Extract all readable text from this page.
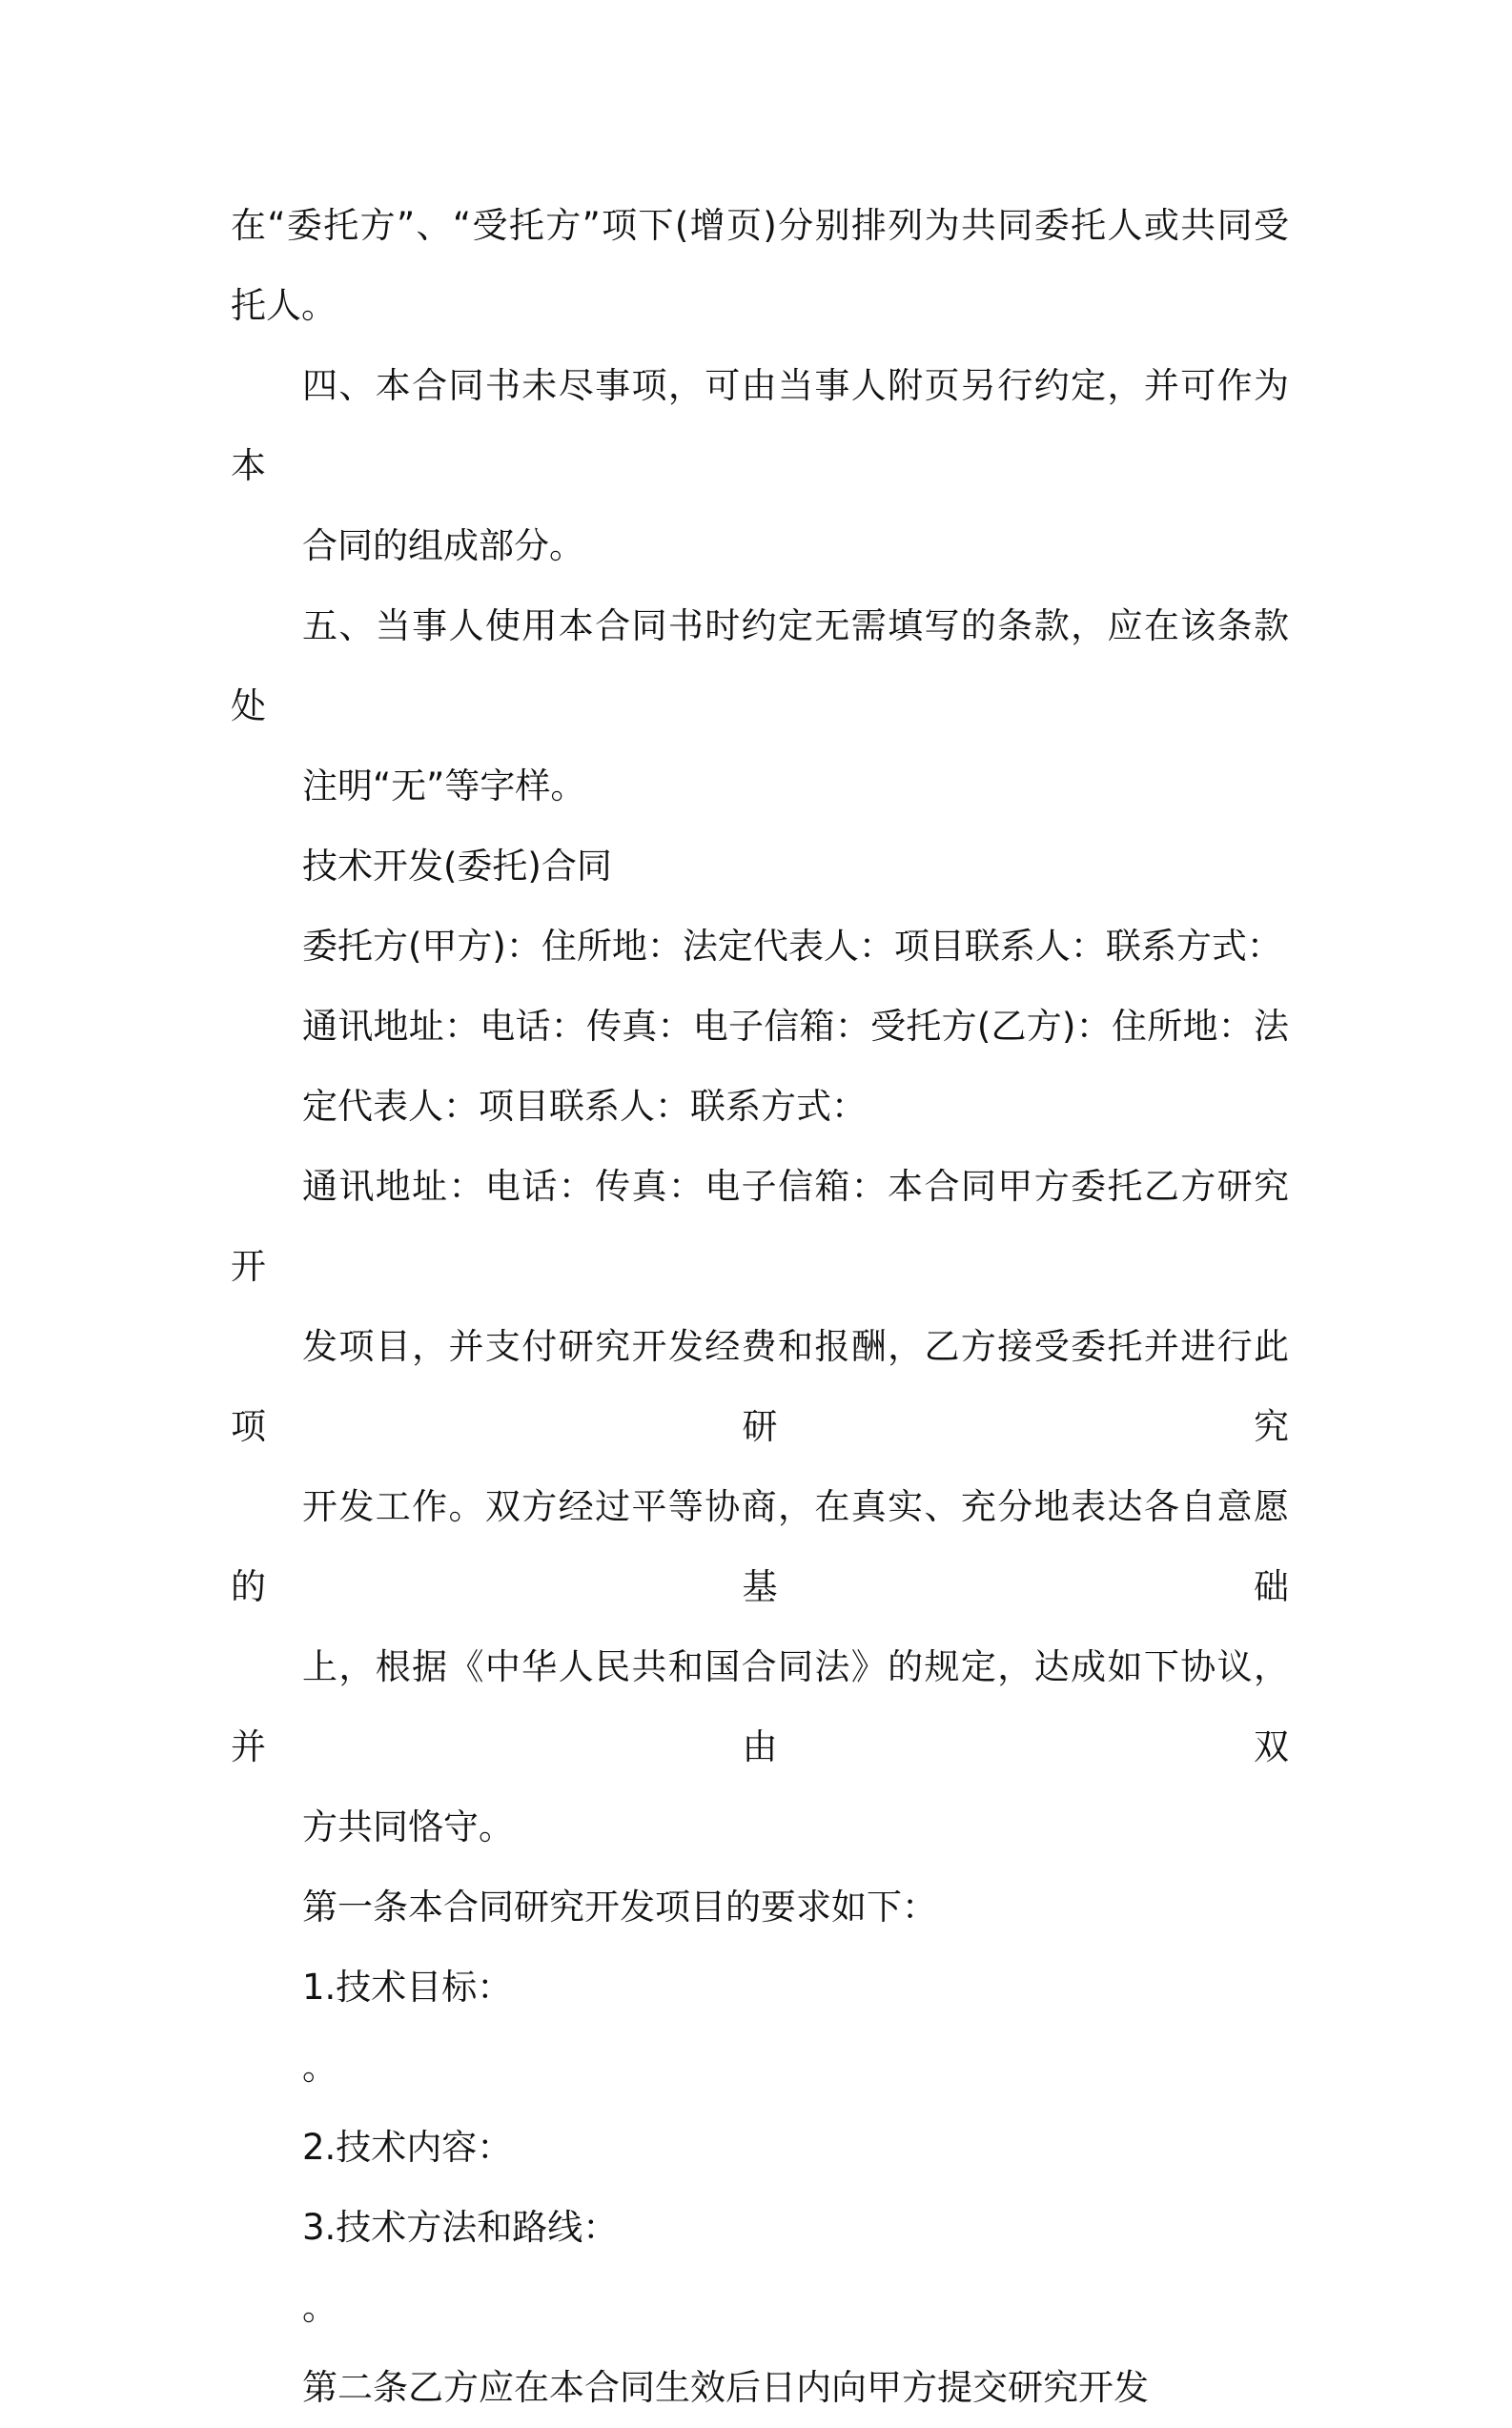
在“委托方”、“受托方”项下(增页)分别排列为共同委托人或共同受
托人。

四、本合同书未尽事项，可由当事人附页另行约定，并可作为本
合同的组成部分。

五、当事人使用本合同书时约定无需填写的条款，应在该条款处
注明“无”等字样。

技术开发(委托)合同

委托方(甲方)：住所地：法定代表人：项目联系人：联系方式：

通讯地址：电话：传真：电子信箱：受托方(乙方)：住所地：法
定代表人：项目联系人：联系方式：

通讯地址：电话：传真：电子信箱：本合同甲方委托乙方研究开
发项目，并支付研究开发经费和报酬，乙方接受委托并进行此项研究
开发工作。双方经过平等协商，在真实、充分地表达各自意愿的基础
上，根据《中华人民共和国合同法》的规定，达成如下协议，并由双
方共同恪守。

第一条本合同研究开发项目的要求如下：

1.技术目标：

。

2.技术内容：

3.技术方法和路线：

。

第二条乙方应在本合同生效后日内向甲方提交研究开发
